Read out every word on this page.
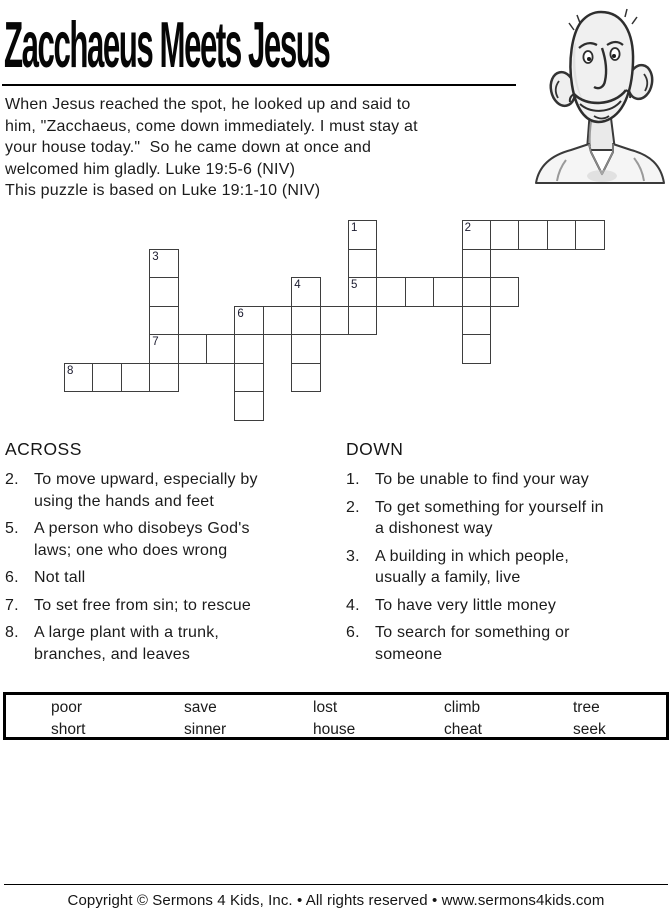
Zacchaeus Meets Jesus
When Jesus reached the spot, he looked up and said to
him, "Zacchaeus, come down immediately. I must stay at
your house today."  So he came down at once and
welcomed him gladly. Luke 19:5-6 (NIV)
This puzzle is based on Luke 19:1-10 (NIV)
1	2
3
4	5
6
7
8
ACROSS
2. To move upward, especially by
using the hands and feet
5. A person who disobeys God's
laws; one who does wrong
6. Not tall
7. To set free from sin; to rescue
8. A large plant with a trunk,
branches, and leaves
DOWN
1. To be unable to find your way
2. To get something for yourself in
a dishonest way
3. A building in which people,
usually a family, live
4. To have very little money
6. To search for something or
someone
poor	save	lost	climb	tree
short	sinner	house	cheat	seek
Copyright © Sermons 4 Kids, Inc. • All rights reserved • www.sermons4kids.com
